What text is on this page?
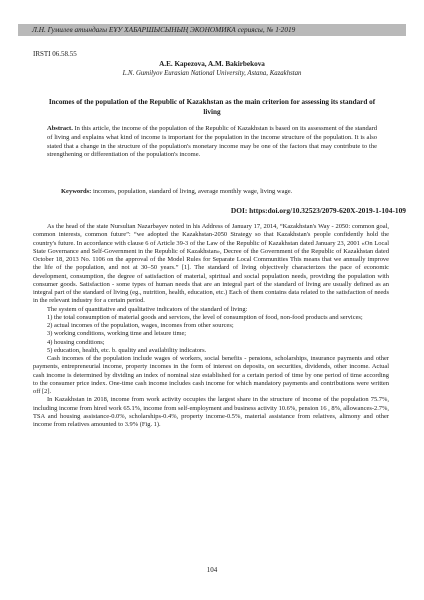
Л.Н. Гумилев атындағы ЕҰУ ХАБАРШЫСЫНЫҢ ЭКОНОМИКА сериясы, № 1·2019
IRSTI 06.58.55
A.E. Kapezova, A.M. Bakirbekova
L.N. Gumilyov Eurasian National University, Astana, Kazakhstan
Incomes of the population of the Republic of Kazakhstan as the main criterion for assessing its standard of living
Abstract. In this article, the income of the population of the Republic of Kazakhstan is based on its assessment of the standard of living and explains what kind of income is important for the population in the income structure of the population. It is also stated that a change in the structure of the population's monetary income may be one of the factors that may contribute to the strengthening or differentiation of the population's income.
Keywords: incomes, population, standard of living, average monthly wage, living wage.
DOI: https:doi.org/10.32523/2079-620X-2019-1-104-109

As the head of the state Nursultan Nazarbayev noted in his Address of January 17, 2014, “Kazakhstan's Way - 2050: common goal, common interests, common future”: “we adopted the Kazakhstan-2050 Strategy so that Kazakhstan's people confidently hold the country's future. In accordance with clause 6 of Article 39-3 of the Law of the Republic of Kazakhstan dated January 23, 2001 «On Local State Governance and Self-Government in the Republic of Kazakhstan», Decree of the Government of the Republic of Kazakhstan dated October 18, 2013 No. 1106 on the approval of the Model Rules for Separate Local Communities This means that we annually improve the life of the population, and not at 30–50 years.” [1]. The standard of living objectively characterizes the pace of economic development, consumption, the degree of satisfaction of material, spiritual and social population needs, providing the population with consumer goods. Satisfaction - some types of human needs that are an integral part of the standard of living are usually defined as an integral part of the standard of living (eg., nutrition, health, education, etc.) Each of them contains data related to the satisfaction of needs in the relevant industry for a certain period.

The system of quantitative and qualitative indicators of the standard of living:

1) the total consumption of material goods and services, the level of consumption of food, non-food products and services;

2) actual incomes of the population, wages, incomes from other sources;

3) working conditions, working time and leisure time;

4) housing conditions;

5) education, health, etc. b. quality and availability indicators.

Cash incomes of the population include wages of workers, social benefits - pensions, scholarships, insurance payments and other payments, entrepreneurial income, property incomes in the form of interest on deposits, on securities, dividends, other income. Actual cash income is determined by dividing an index of nominal size established for a certain period of time by one period of time according to the consumer price index. One-time cash income includes cash income for which mandatory payments and contributions were written off [2].

In Kazakhstan in 2018, income from work activity occupies the largest share in the structure of income of the population 75.7%, including income from hired work 65.1%, income from self-employment and business activity 10.6%, pension 16 , 8%, allowances-2.7%, TSA and housing assistance-0.0%, scholarships-0.4%, property income-0.5%, material assistance from relatives, alimony and other income from relatives amounted to 3.9% (Fig. 1).

104
